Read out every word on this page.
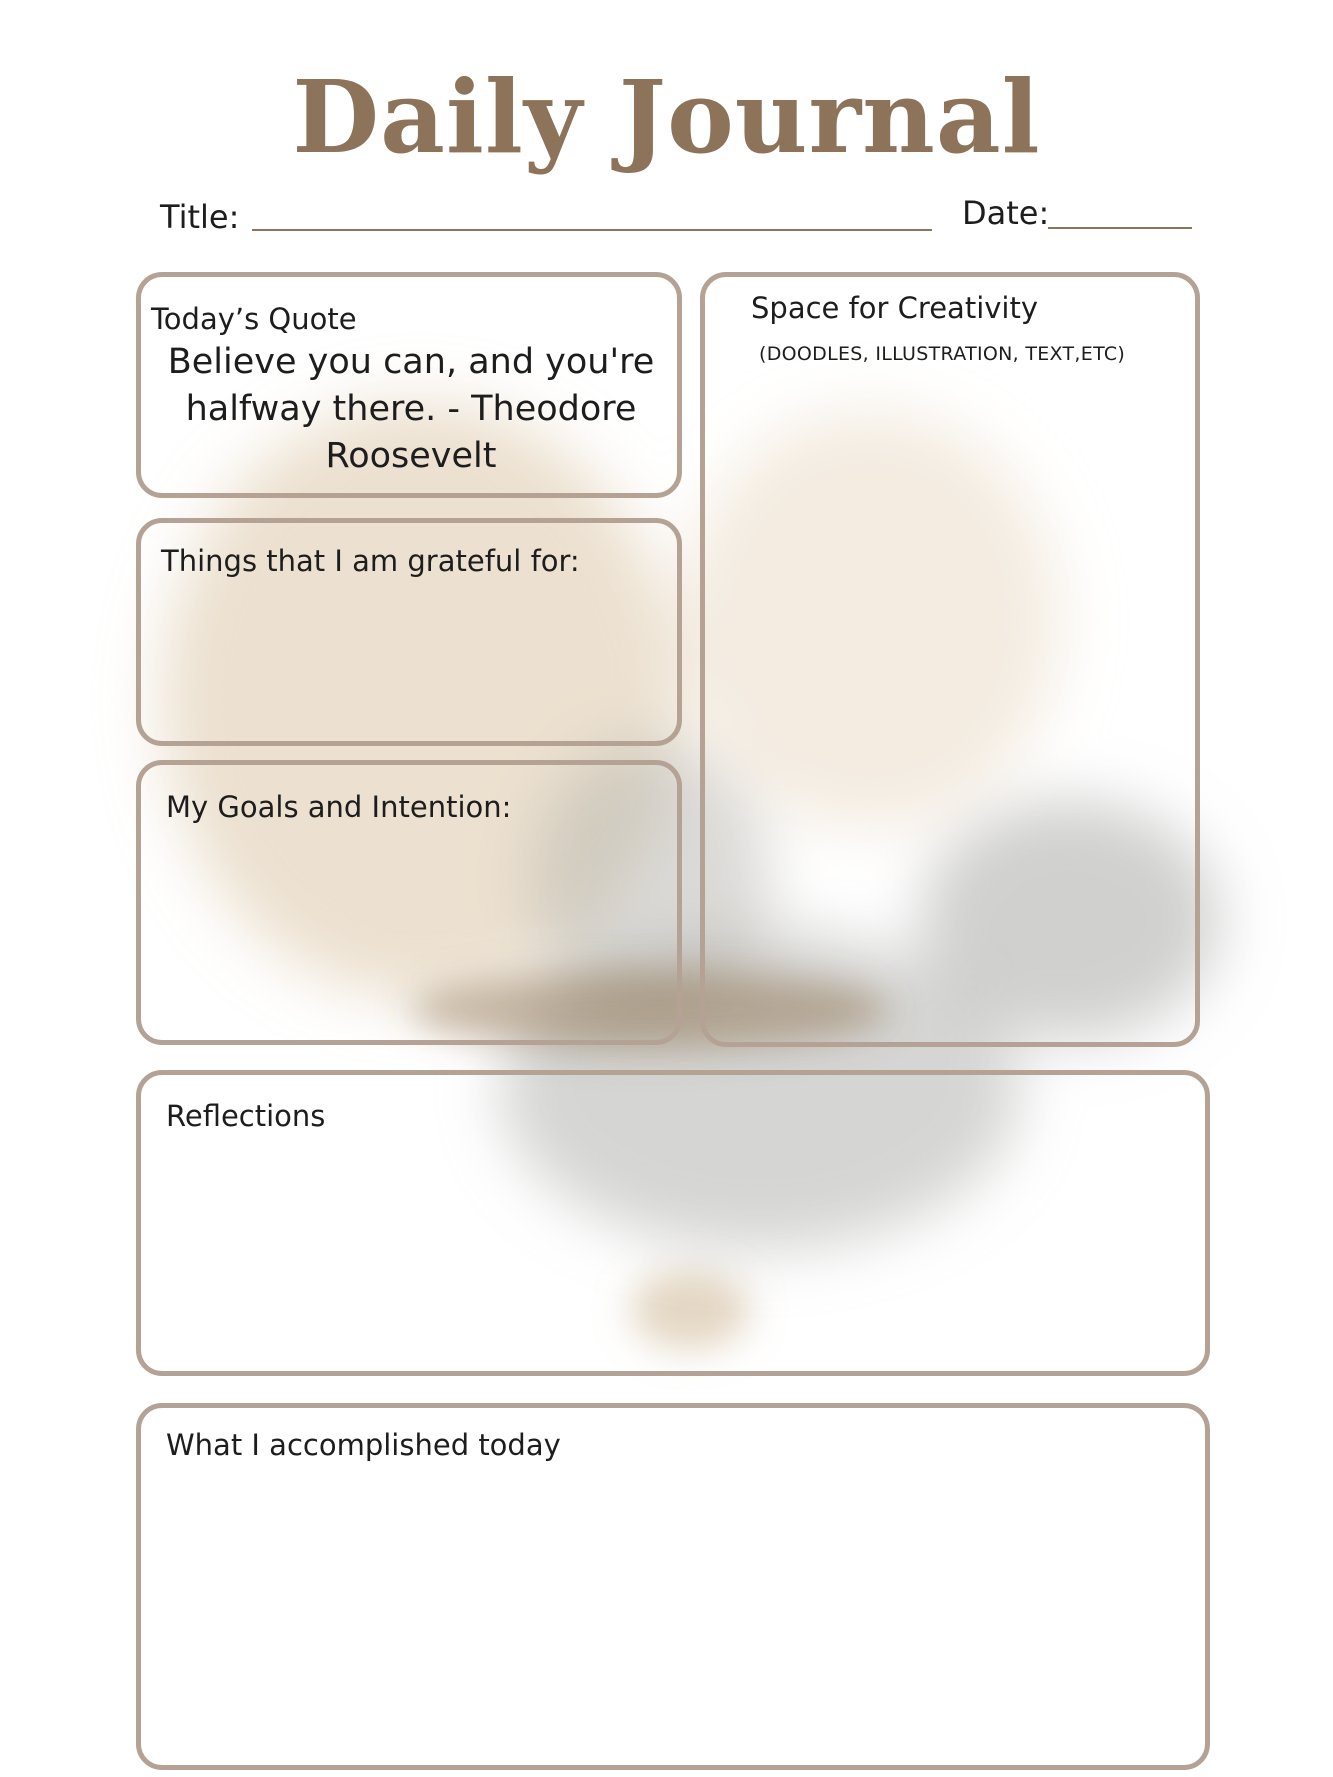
Daily Journal
Title:	Date:
Today’s Quote
Believe you can, and you're halfway there. - Theodore Roosevelt
Things that I am grateful for:
My Goals and Intention:
Space for Creativity
(DOODLES, ILLUSTRATION, TEXT,ETC)
Reflections
What I accomplished today
